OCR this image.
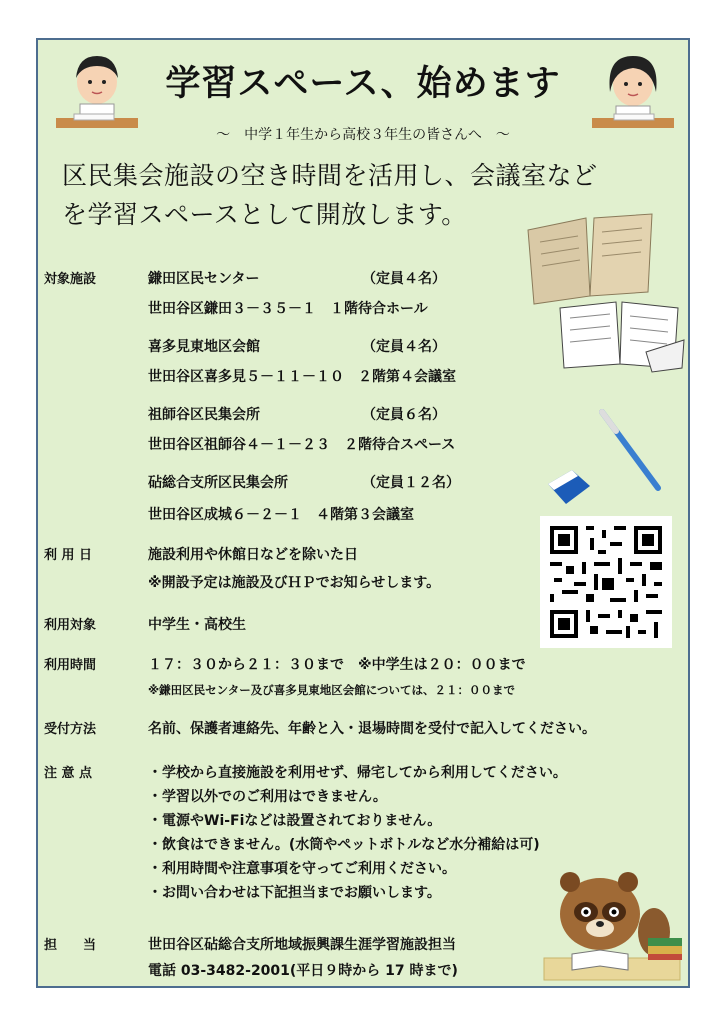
学習スペース、始めます
～　中学１年生から高校３年生の皆さんへ　～
区民集会施設の空き時間を活用し、会議室など
を学習スペースとして開放します。
対象施設	鎌田区民センター	（定員４名）
世田谷区鎌田３－３５－１　１階待合ホール
喜多見東地区会館	（定員４名）
世田谷区喜多見５－１１－１０　２階第４会議室
祖師谷区民集会所	（定員６名）
世田谷区祖師谷４－１－２３　２階待合スペース
砧総合支所区民集会所	（定員１２名）
世田谷区成城６－２－１　４階第３会議室
利 用 日	施設利用や休館日などを除いた日
※開設予定は施設及びＨＰでお知らせします。
利用対象	中学生・高校生
利用時間	１７：３０から２１：３０まで　※中学生は２０：００まで
※鎌田区民センター及び喜多見東地区会館については、２１：００まで
受付方法	名前、保護者連絡先、年齢と入・退場時間を受付で記入してください。
注 意 点	・学校から直接施設を利用せず、帰宅してから利用してください。
・学習以外でのご利用はできません。
・電源やWi-Fiなどは設置されておりません。
・飲食はできません。(水筒やペットボトルなど水分補給は可)
・利用時間や注意事項を守ってご利用ください。
・お問い合わせは下記担当までお願いします。
担　　当	世田谷区砧総合支所地域振興課生涯学習施設担当
電話 03-3482-2001(平日９時から 17 時まで)
